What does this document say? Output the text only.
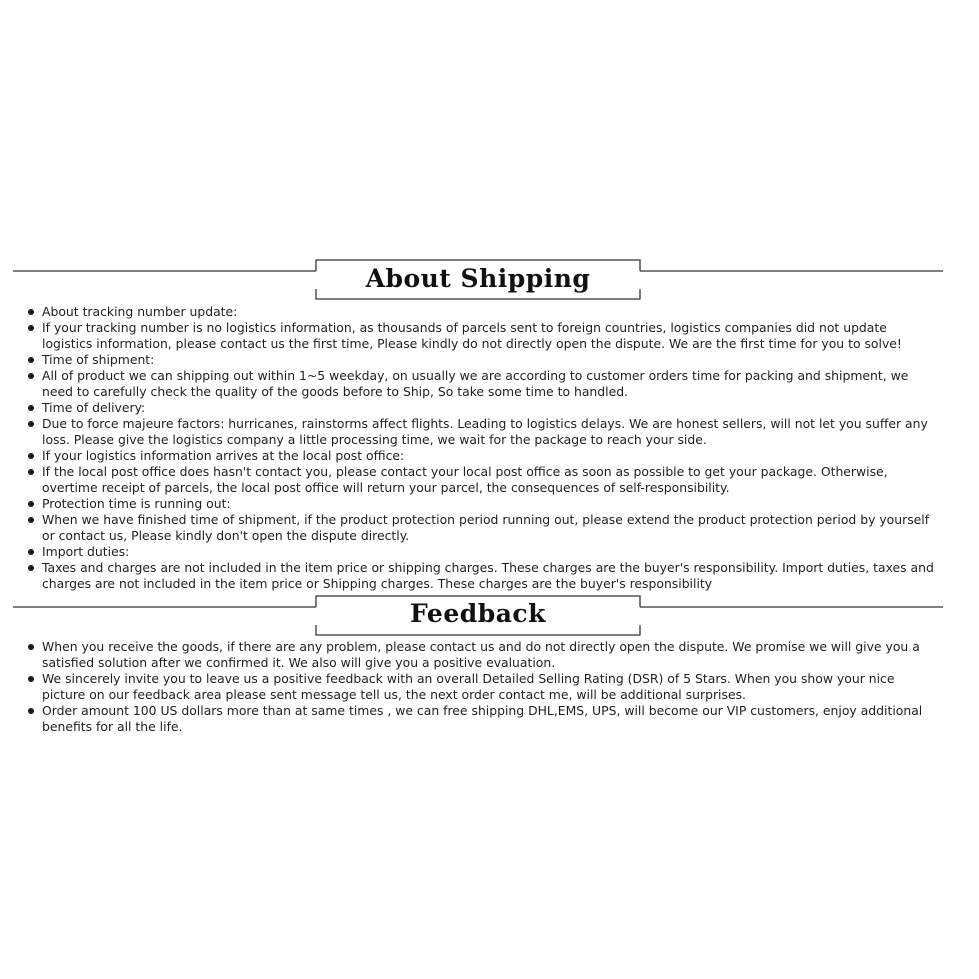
About Shipping
About tracking number update:
If your tracking number is no logistics information, as thousands of parcels sent to foreign countries, logistics companies did not update logistics information, please contact us the first time, Please kindly do not directly open the dispute. We are the first time for you to solve!
Time of shipment:
All of product we can shipping out within 1~5 weekday, on usually we are according to customer orders time for packing and shipment, we need to carefully check the quality of the goods before to Ship, So take some time to handled.
Time of delivery:
Due to force majeure factors: hurricanes, rainstorms affect flights. Leading to logistics delays. We are honest sellers, will not let you suffer any loss. Please give the logistics company a little processing time, we wait for the package to reach your side.
If your logistics information arrives at the local post office:
If the local post office does hasn't contact you, please contact your local post office as soon as possible to get your package. Otherwise, overtime receipt of parcels, the local post office will return your parcel, the consequences of self-responsibility.
Protection time is running out:
When we have finished time of shipment, if the product protection period running out, please extend the product protection period by yourself or contact us, Please kindly don't open the dispute directly.
Import duties:
Taxes and charges are not included in the item price or shipping charges. These charges are the buyer's responsibility. Import duties, taxes and charges are not included in the item price or Shipping charges. These charges are the buyer's responsibility
Feedback
When you receive the goods, if there are any problem, please contact us and do not directly open the dispute. We promise we will give you a satisfied solution after we confirmed it. We also will give you a positive evaluation.
We sincerely invite you to leave us a positive feedback with an overall Detailed Selling Rating (DSR) of 5 Stars. When you show your nice picture on our feedback area please sent message tell us, the next order contact me, will be additional surprises.
Order amount 100 US dollars more than at same times , we can free shipping DHL,EMS, UPS, will become our VIP customers, enjoy additional benefits for all the life.
